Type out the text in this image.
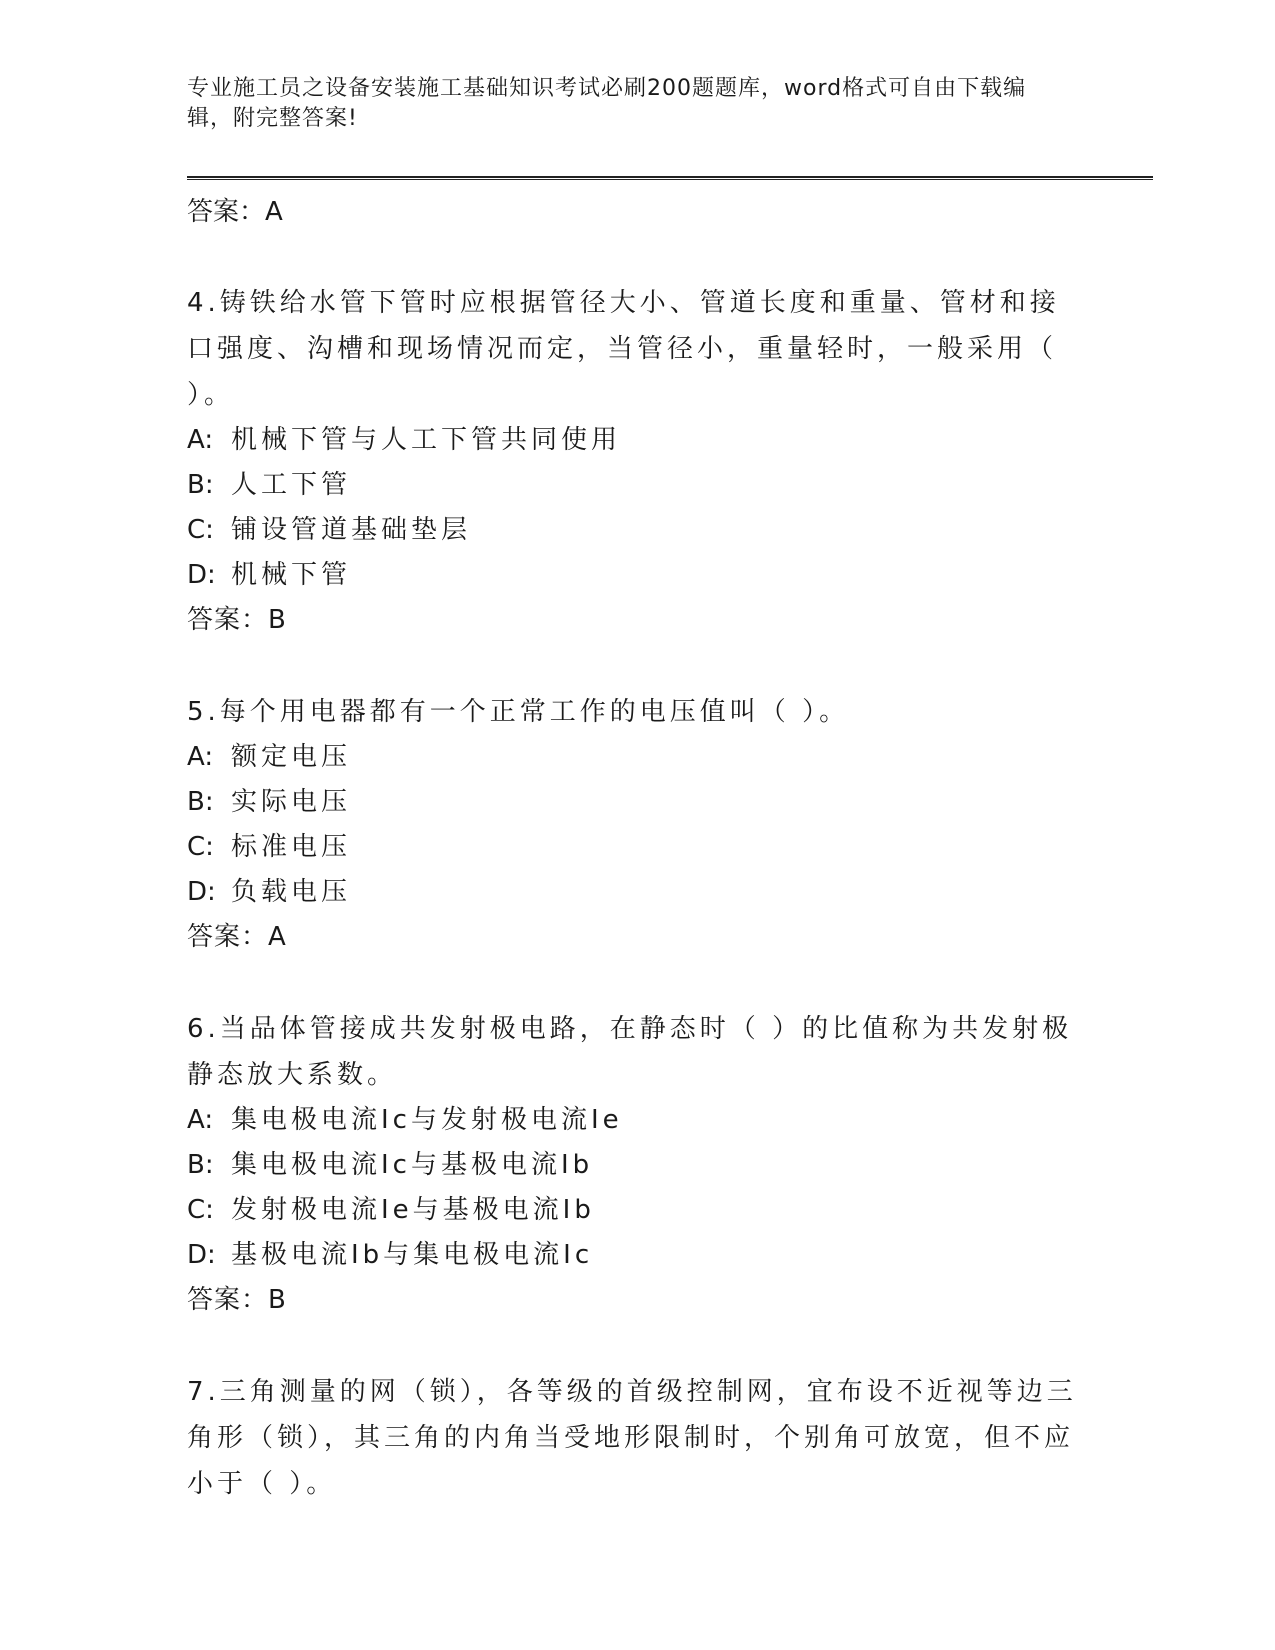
专业施工员之设备安装施工基础知识考试必刷200题题库，word格式可自由下载编辑，附完整答案!
答案：A
4.铸铁给水管下管时应根据管径大小、管道长度和重量、管材和接口强度、沟槽和现场情况而定，当管径小，重量轻时，一般采用（ ）。
A: 机械下管与人工下管共同使用
B: 人工下管
C: 铺设管道基础垫层
D: 机械下管
答案：B
5.每个用电器都有一个正常工作的电压值叫（ ）。
A: 额定电压
B: 实际电压
C: 标准电压
D: 负载电压
答案：A
6.当品体管接成共发射极电路，在静态时（ ）的比值称为共发射极静态放大系数。
A: 集电极电流Ic与发射极电流Ie
B: 集电极电流Ic与基极电流Ib
C: 发射极电流Ie与基极电流Ib
D: 基极电流Ib与集电极电流Ic
答案：B
7.三角测量的网（锁），各等级的首级控制网，宜布设不近视等边三角形（锁），其三角的内角当受地形限制时，个别角可放宽，但不应小于（ ）。
